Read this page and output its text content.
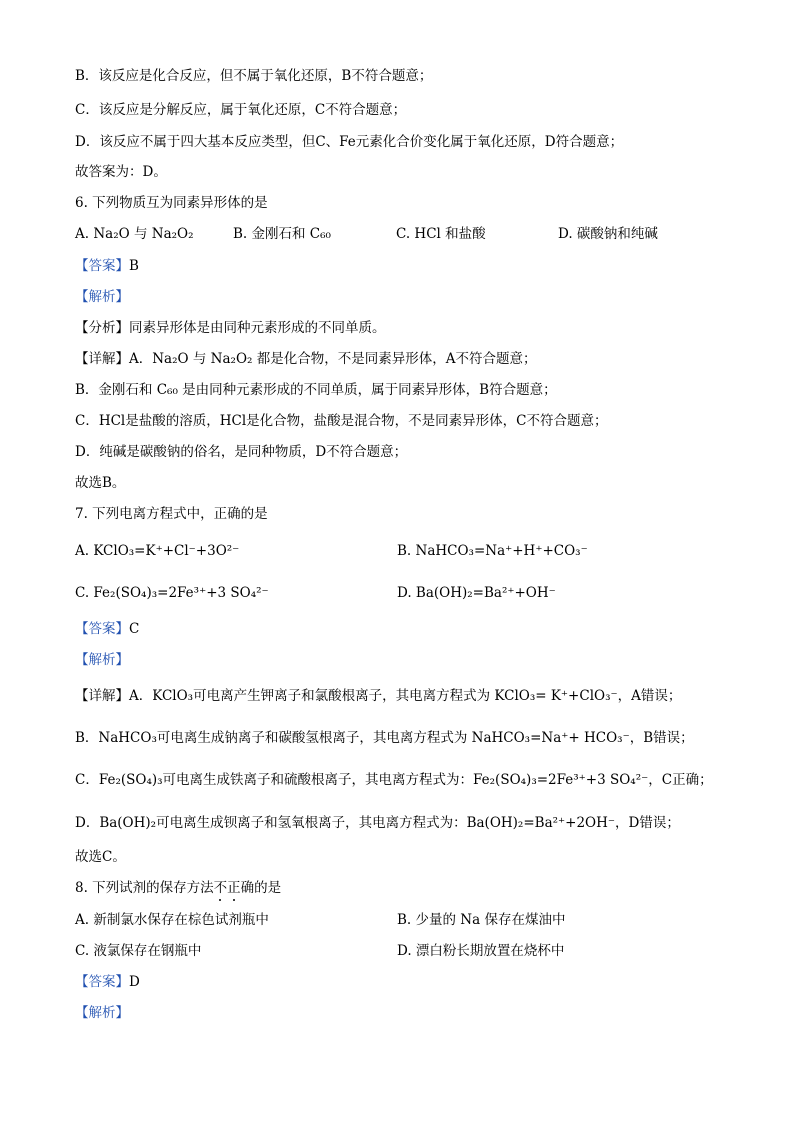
B．该反应是化合反应，但不属于氧化还原，B不符合题意；
C．该反应是分解反应，属于氧化还原，C不符合题意；
D．该反应不属于四大基本反应类型，但C、Fe元素化合价变化属于氧化还原，D符合题意；
故答案为：D。
6. 下列物质互为同素异形体的是
A. Na₂O 与 Na₂O₂	B. 金刚石和 C₆₀	C. HCl 和盐酸	D. 碳酸钠和纯碱
【答案】B
【解析】
【分析】同素异形体是由同种元素形成的不同单质。
【详解】A．Na₂O 与 Na₂O₂ 都是化合物，不是同素异形体，A不符合题意；
B．金刚石和 C₆₀ 是由同种元素形成的不同单质，属于同素异形体，B符合题意；
C．HCl是盐酸的溶质，HCl是化合物，盐酸是混合物，不是同素异形体，C不符合题意；
D．纯碱是碳酸钠的俗名，是同种物质，D不符合题意；
故选B。
7. 下列电离方程式中，正确的是
A. KClO₃=K⁺+Cl⁻+3O²⁻	B. NaHCO₃=Na⁺+H⁺+CO₃⁻
C. Fe₂(SO₄)₃=2Fe³⁺+3 SO₄²⁻	D. Ba(OH)₂=Ba²⁺+OH⁻
【答案】C
【解析】
【详解】A．KClO₃可电离产生钾离子和氯酸根离子，其电离方程式为 KClO₃= K⁺+ClO₃⁻，A错误；
B．NaHCO₃可电离生成钠离子和碳酸氢根离子，其电离方程式为 NaHCO₃=Na⁺+ HCO₃⁻，B错误；
C．Fe₂(SO₄)₃可电离生成铁离子和硫酸根离子，其电离方程式为：Fe₂(SO₄)₃=2Fe³⁺+3 SO₄²⁻，C正确；
D．Ba(OH)₂可电离生成钡离子和氢氧根离子，其电离方程式为：Ba(OH)₂=Ba²⁺+2OH⁻，D错误；
故选C。
8. 下列试剂的保存方法不正确的是
A. 新制氯水保存在棕色试剂瓶中	B. 少量的 Na 保存在煤油中
C. 液氯保存在钢瓶中	D. 漂白粉长期放置在烧杯中
【答案】D
【解析】
